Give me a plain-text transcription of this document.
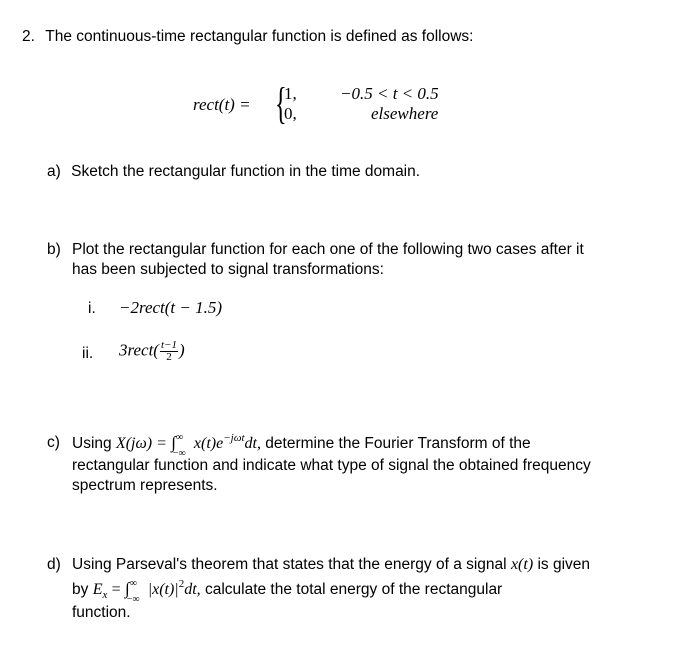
2. The continuous-time rectangular function is defined as follows:
rect(t) = {
1,
0,
−0.5 < t < 0.5
elsewhere
a) Sketch the rectangular function in the time domain.
b) Plot the rectangular function for each one of the following two cases after it
has been subjected to signal transformations:
i. −2rect(t − 1.5)
ii. 3rect( $\frac{t-1}{2}$ )
c) Using X(jω) = ∫ ∞
−∞
$x(t)e^{-j\omega t}dt$, determine the Fourier Transform of the
rectangular function and indicate what type of signal the obtained frequency
spectrum represents.
d) Using Parseval's theorem that states that the energy of a signal x(t) is given
by $E_x$ = ∫ ∞
−∞
$|x(t)|^2dt$, calculate the total energy of the rectangular
function.
